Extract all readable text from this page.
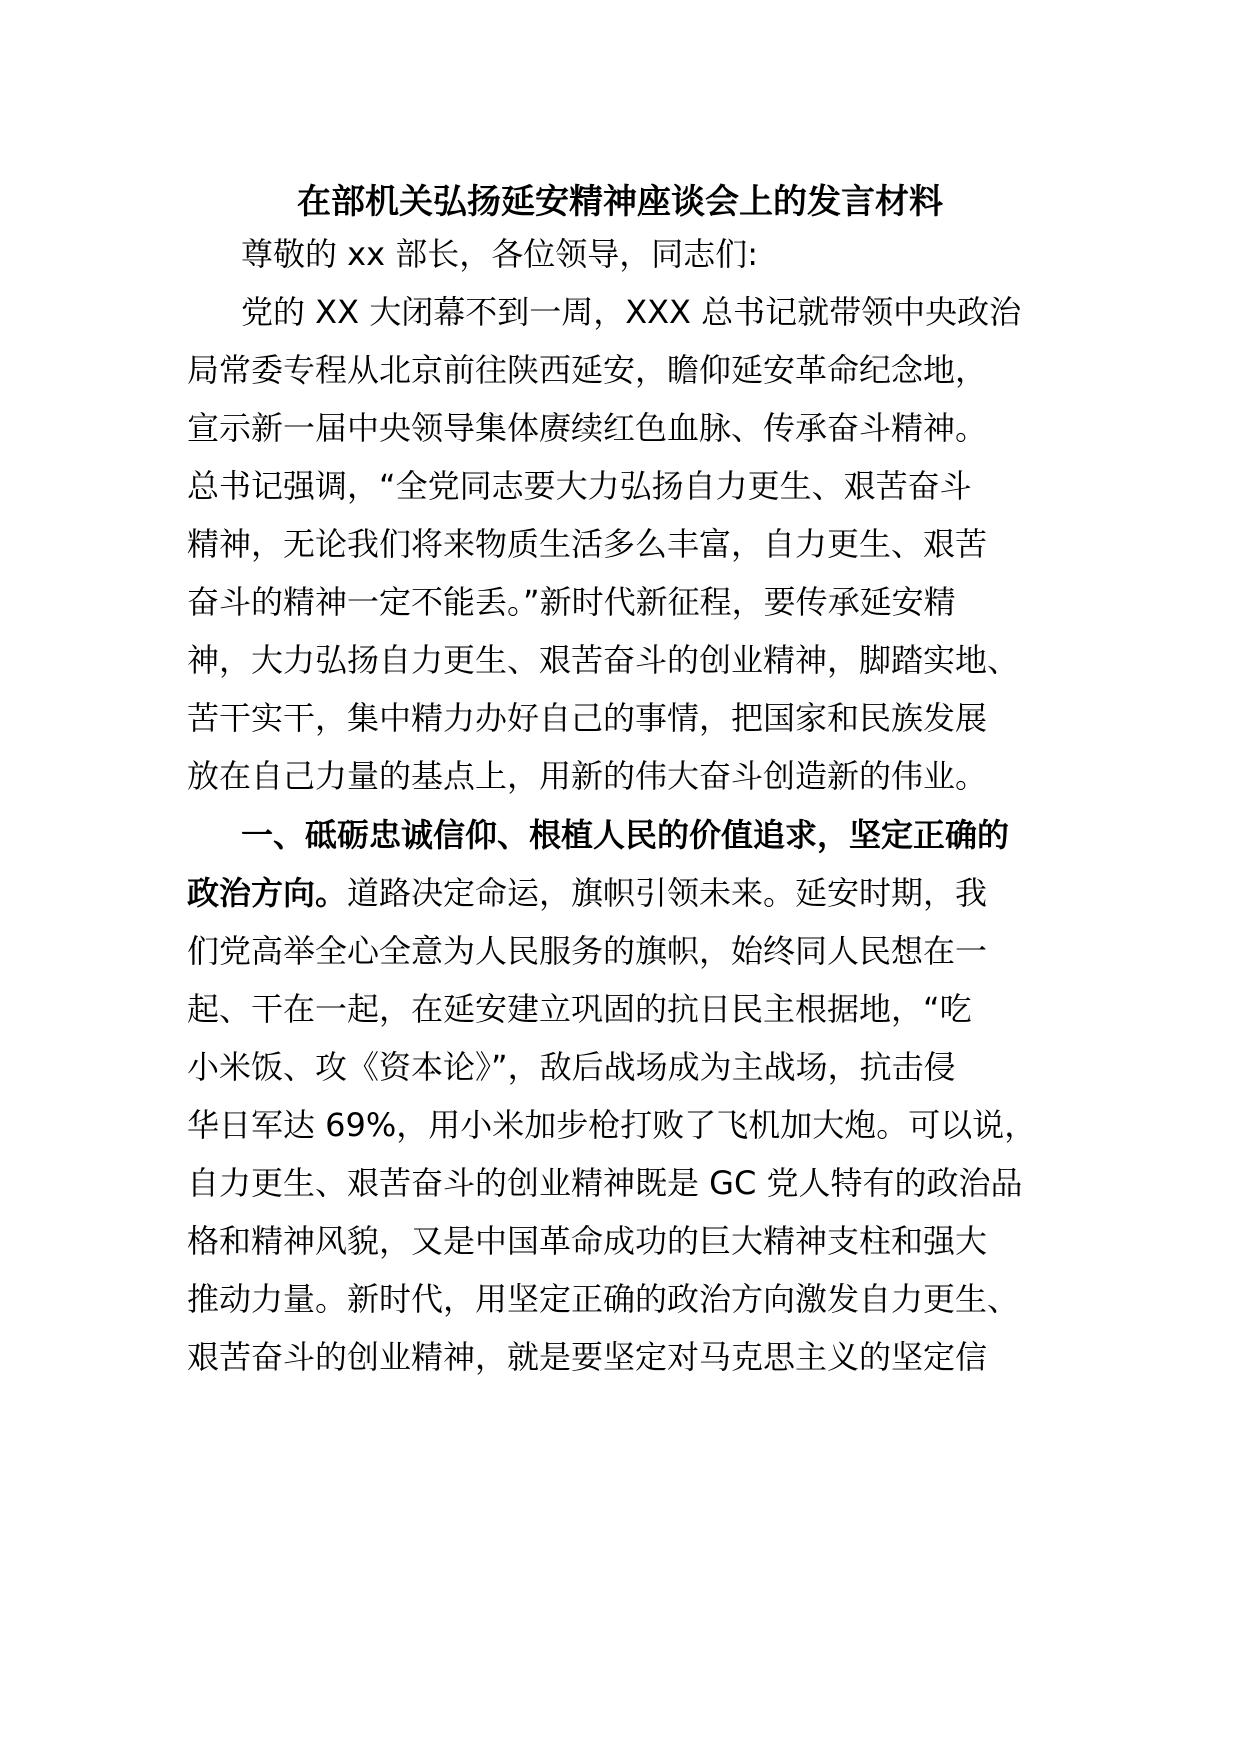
在部机关弘扬延安精神座谈会上的发言材料

尊敬的 xx 部长，各位领导，同志们:

党的 XX 大闭幕不到一周，XXX 总书记就带领中央政治

局常委专程从北京前往陕西延安，瞻仰延安革命纪念地，

宣示新一届中央领导集体赓续红色血脉、传承奋斗精神。

总书记强调，“全党同志要大力弘扬自力更生、艰苦奋斗

精神，无论我们将来物质生活多么丰富，自力更生、艰苦

奋斗的精神一定不能丢。”新时代新征程，要传承延安精

神，大力弘扬自力更生、艰苦奋斗的创业精神，脚踏实地、

苦干实干，集中精力办好自己的事情，把国家和民族发展

放在自己力量的基点上，用新的伟大奋斗创造新的伟业。

一、砥砺忠诚信仰、根植人民的价值追求，坚定正确的

政治方向。道路决定命运，旗帜引领未来。延安时期，我

们党高举全心全意为人民服务的旗帜，始终同人民想在一

起、干在一起，在延安建立巩固的抗日民主根据地，“吃

小米饭、攻《资本论》”，敌后战场成为主战场，抗击侵

华日军达 69%，用小米加步枪打败了飞机加大炮。可以说，

自力更生、艰苦奋斗的创业精神既是 GC 党人特有的政治品

格和精神风貌，又是中国革命成功的巨大精神支柱和强大

推动力量。新时代，用坚定正确的政治方向激发自力更生、

艰苦奋斗的创业精神，就是要坚定对马克思主义的坚定信
